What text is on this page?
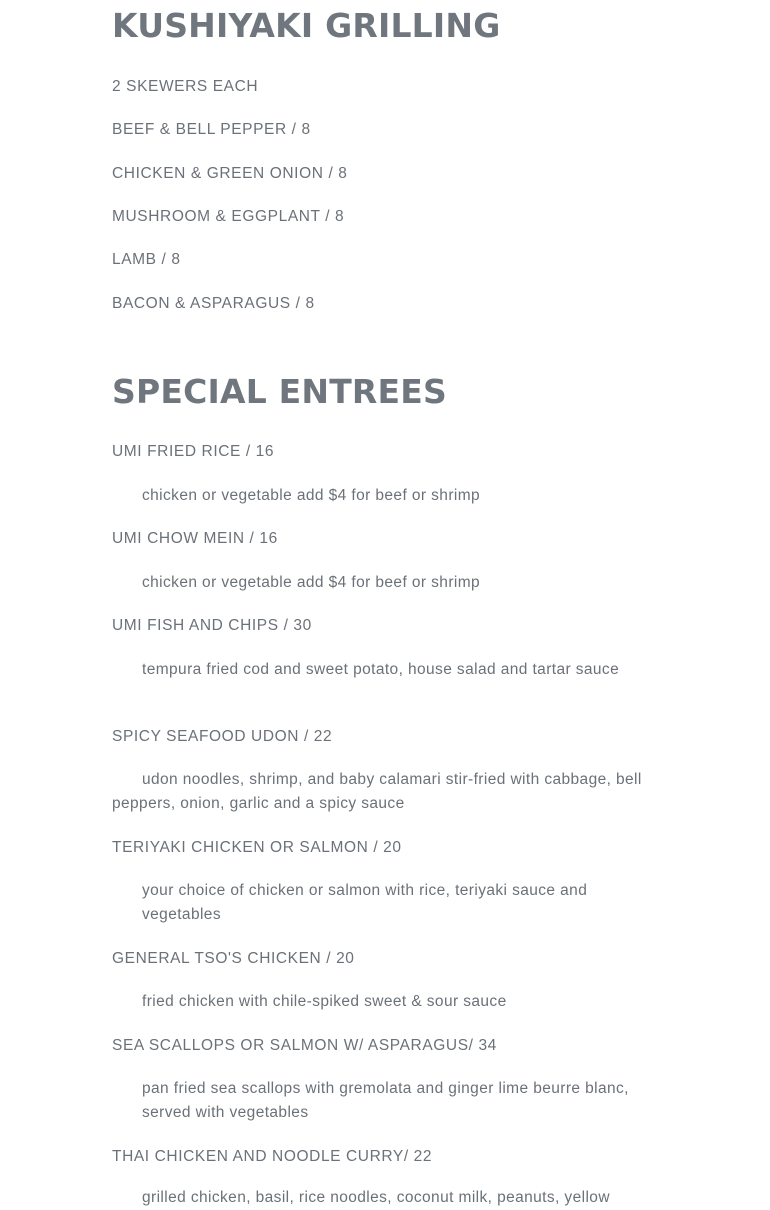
KUSHIYAKI GRILLING

2 SKEWERS EACH

BEEF & BELL PEPPER / 8

CHICKEN & GREEN ONION / 8

MUSHROOM & EGGPLANT / 8

LAMB / 8

BACON & ASPARAGUS / 8

SPECIAL ENTREES

UMI FRIED RICE / 16

chicken or vegetable add $4 for beef or shrimp

UMI CHOW MEIN / 16

chicken or vegetable add $4 for beef or shrimp

UMI FISH AND CHIPS / 30

tempura fried cod and sweet potato, house salad and tartar sauce

SPICY SEAFOOD UDON / 22

udon noodles, shrimp, and baby calamari stir-fried with cabbage, bell peppers, onion, garlic and a spicy sauce

TERIYAKI CHICKEN OR SALMON / 20

your choice of chicken or salmon with rice, teriyaki sauce and vegetables

GENERAL TSO'S CHICKEN / 20

fried chicken with chile-spiked sweet & sour sauce

SEA SCALLOPS OR SALMON W/ ASPARAGUS/ 34

pan fried sea scallops with gremolata and ginger lime beurre blanc, served with vegetables

THAI CHICKEN AND NOODLE CURRY/ 22

grilled chicken, basil, rice noodles, coconut milk, peanuts, yellow
